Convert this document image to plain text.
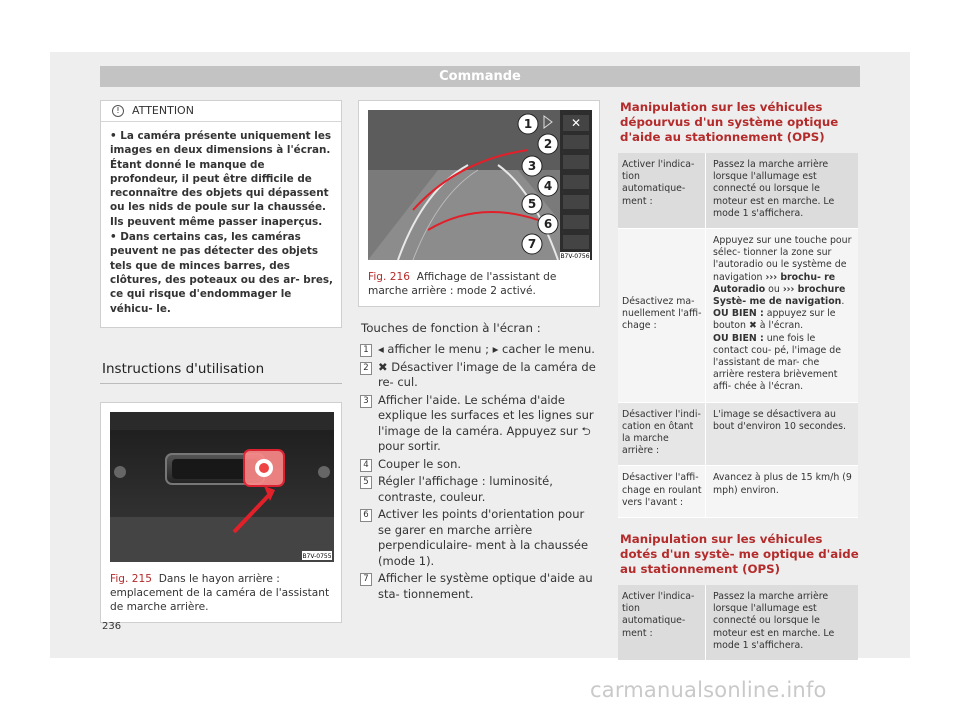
Commande
! ATTENTION

• La caméra présente uniquement les images en deux dimensions à l'écran. Étant donné le manque de profondeur, il peut être difficile de reconnaître des objets qui dépassent ou les nids de poule sur la chaussée. Ils peuvent même passer inaperçus.

• Dans certains cas, les caméras peuvent ne pas détecter des objets tels que de minces barres, des clôtures, des poteaux ou des ar- bres, ce qui risque d'endommager le véhicu- le.

Instructions d'utilisation
B7V-0755
Fig. 215 Dans le hayon arrière : emplacement de la caméra de l'assistant de marche arrière.
✕
1
2
3
4
5
6
7
B7V-0756
Fig. 216 Affichage de l'assistant de marche arrière : mode 2 activé.
Touches de fonction à l'écran :
1 ◂ afficher le menu ; ▸ cacher le menu.
2 ✖ Désactiver l'image de la caméra de re- cul.
3 Afficher l'aide. Le schéma d'aide explique les surfaces et les lignes sur l'image de la caméra. Appuyez sur ⮌ pour sortir.
4 Couper le son.
5 Régler l'affichage : luminosité, contraste, couleur.
6 Activer les points d'orientation pour se garer en marche arrière perpendiculaire- ment à la chaussée (mode 1).
7 Afficher le système optique d'aide au sta- tionnement.

Manipulation sur les véhicules dépourvus d'un système optique d'aide au stationnement (OPS)

Activer l'indica- tion automatique- ment :
Passez la marche arrière lorsque l'allumage est connecté ou lorsque le moteur est en marche. Le mode 1 s'affichera.
Désactivez ma- nuellement l'affi- chage :
Appuyez sur une touche pour sélec- tionner la zone sur l'autoradio ou le système de navigation ››› brochu- re Autoradio ou ››› brochure Systè- me de navigation.
OU BIEN : appuyez sur le bouton ✖ à l'écran.
OU BIEN : une fois le contact cou- pé, l'image de l'assistant de mar- che arrière restera brièvement affi- chée à l'écran.
Désactiver l'indi- cation en ôtant la marche arrière :
L'image se désactivera au bout d'environ 10 secondes.
Désactiver l'affi- chage en roulant vers l'avant :
Avancez à plus de 15 km/h (9 mph) environ.

Manipulation sur les véhicules dotés d'un systè- me optique d'aide au stationnement (OPS)

Activer l'indica- tion automatique- ment :
Passez la marche arrière lorsque l'allumage est connecté ou lorsque le moteur est en marche. Le mode 1 s'affichera.
236
carmanualsonline.info
